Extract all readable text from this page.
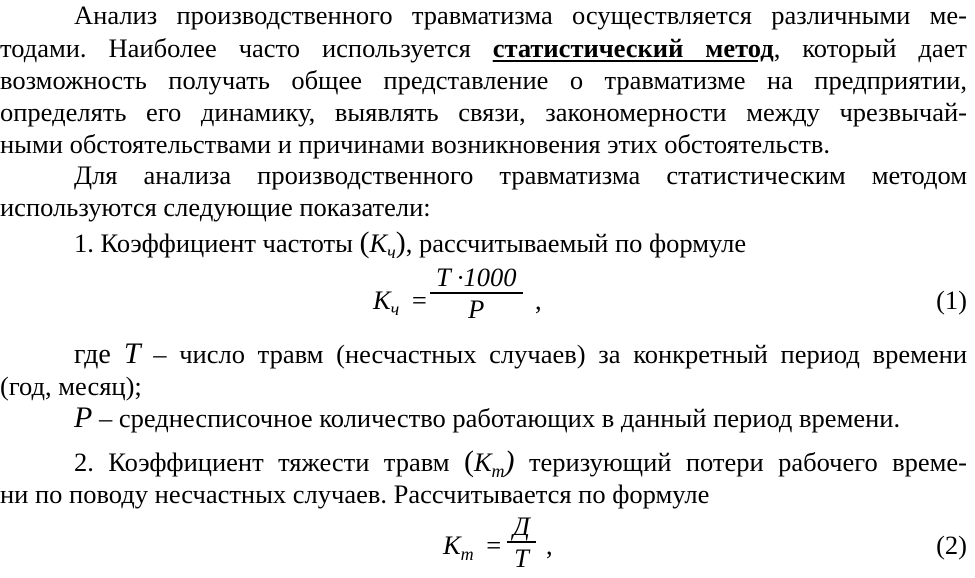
Анализ производственного травматизма осуществляется различными ме-
тодами. Наиболее часто используется статистический метод, который дает
возможность получать общее представление о травматизме на предприятии,
определять его динамику, выявлять связи, закономерности между чрезвычай-
ными обстоятельствами и причинами возникновения этих обстоятельств.
Для анализа производственного травматизма статистическим методом
используются следующие показатели:
1. Коэффициент частоты $(К_ч)$, рассчитываемый по формуле
$К_ч$ =
T ·1000
P ,	(1)
где T – число травм (несчастных случаев) за конкретный период времени
(год, месяц);
P – среднесписочное количество работающих в данный период времени.
2. Коэффициент тяжести травм $(К_m)$ теризующий потери рабочего време-
ни по поводу несчастных случаев. Рассчитывается по формуле
$К_m$ =
Д
T ,	(2)
